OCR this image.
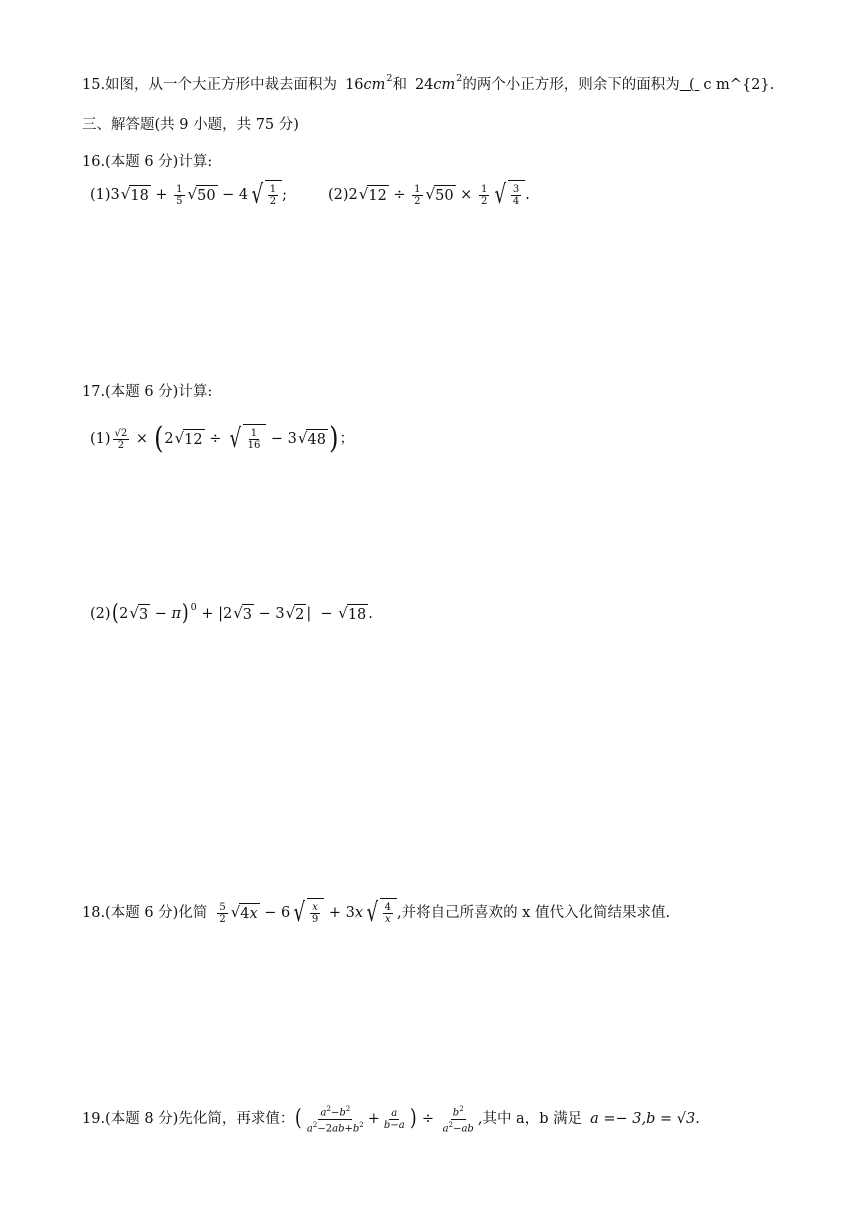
15.如图，从一个大正方形中裁去面积为 16 cm 2 和 24 cm 2 的两个小正方形，则余下的面积为 ( c m^{2}.
三、解答题(共 9 小题，共 75 分)
16.(本题 6 分)计算:
(1) 3 √ $18 + \frac{1}{5}$ √ 50 − 4 √ $\frac{1}{2}$ ;	(2) 2 √ $12 \div \frac{1}{2}$ √ $50 \times \frac{1}{2}$ √ $\frac{3}{4}$ .
17.(本题 6 分)计算:
$(1) \frac{√2}{2}$ × ( 2 √ 12 ÷ √ $\frac{1}{16} - 3$ √ 48 ) ；
(2) ( 2 √ 3 − π ) 0 + |2 √ 3 − 3 √ 2 |  − √ 18 .
18.(本题 6 分)化简 $\frac{5}{2}$ √ 4 x − 6 √ $\frac{x}{9} + 3$ x √ $\frac{4}{x}$ ,并将自己所喜欢的 x 值代入化简结果求值.
19.(本题 8 分)先化简，再求值： ( $\frac{a^2-b^2}{a^2-2ab+b^2} + \frac{a}{b-a}$ ) ÷ $\frac{b^2}{a^2-ab}$ ,其中 a，b 满足 a =− 3,b = √3.
